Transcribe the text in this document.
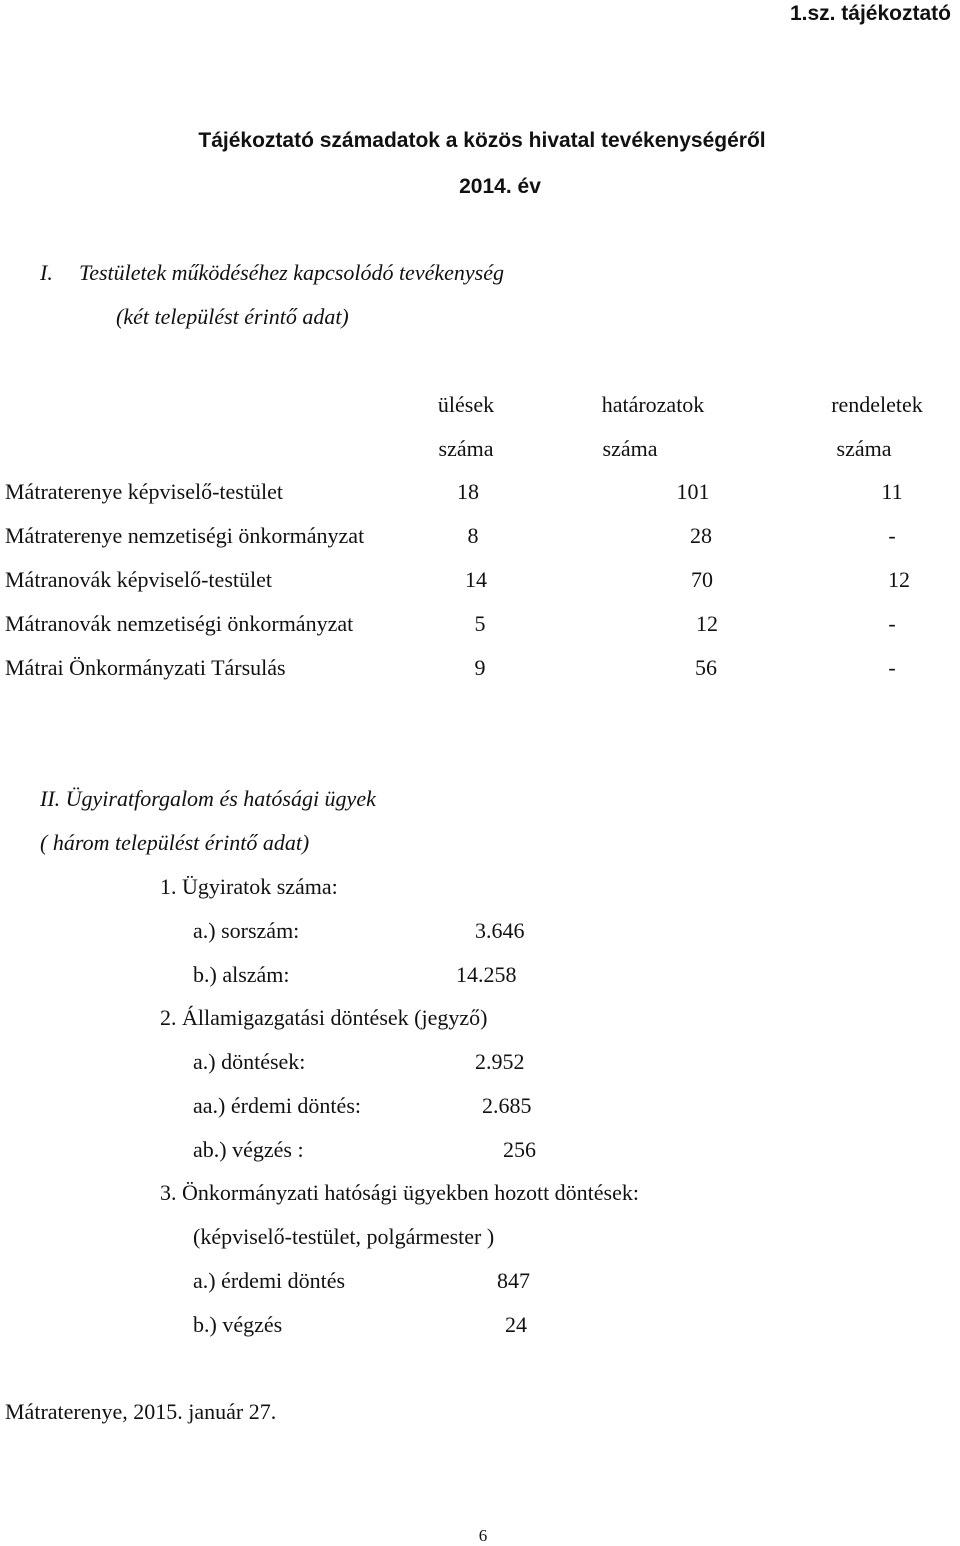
1.sz. tájékoztató
Tájékoztató számadatok a közös hivatal tevékenységéről
2014. év
I. Testületek működéséhez kapcsolódó tevékenység
(két települést érintő adat)
ülések	határozatok	rendeletek
száma	száma	száma
Mátraterenye képviselő-testület	18	101	11
Mátraterenye nemzetiségi önkormányzat	8	28	-
Mátranovák képviselő-testület	14	70	12
Mátranovák nemzetiségi önkormányzat	5	12	-
Mátrai Önkormányzati Társulás	9	56	-
II. Ügyiratforgalom és hatósági ügyek
( három települést érintő adat)
1. Ügyiratok száma:
a.) sorszám:	3.646
b.) alszám:	14.258
2. Államigazgatási döntések (jegyző)
a.) döntések:	2.952
aa.) érdemi döntés:	2.685
ab.) végzés :	256
3. Önkormányzati hatósági ügyekben hozott döntések:
(képviselő-testület, polgármester )
a.) érdemi döntés	847
b.) végzés	24
Mátraterenye, 2015. január 27.
6
